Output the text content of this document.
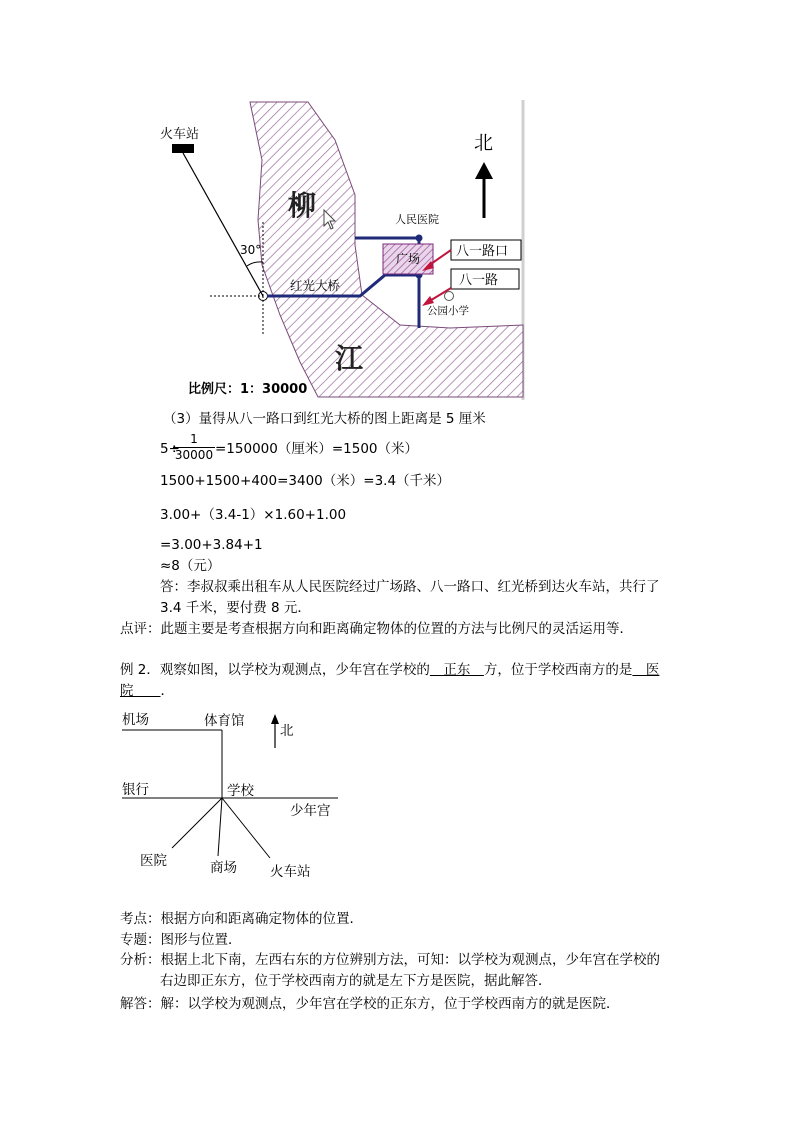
柳
江
火车站
30°
红光大桥
人民医院
广场	八一路口
八一路
公园小学
北
比例尺：1：30000
（3）量得从八一路口到红光大桥的图上距离是 5 厘米
5÷
$\frac{1}{30000} =150000$（厘米）=1500（米）
1500+1500+400=3400（米）=3.4（千米）
3.00+（3.4-1）×1.60+1.00
=3.00+3.84+1
≈8（元）
答：李叔叔乘出租车从人民医院经过广场路、八一路口、红光桥到达火车站，共行了
3.4 千米，要付费 8 元．
点评：此题主要是考查根据方向和距离确定物体的位置的方法与比例尺的灵活运用等．
例 2．观察如图，以学校为观测点，少年宫在学校的　正东　方，位于学校西南方的是　医
院　　 ．
机场	体育馆
银行	学校
少年宫
医院	商场 火车站
北
考点：根据方向和距离确定物体的位置．
专题：图形与位置．
分析：根据上北下南，左西右东的方位辨别方法，可知：以学校为观测点，少年宫在学校的
右边即正东方，位于学校西南方的就是左下方是医院，据此解答．
解答：解：以学校为观测点，少年宫在学校的正东方，位于学校西南方的就是医院．
